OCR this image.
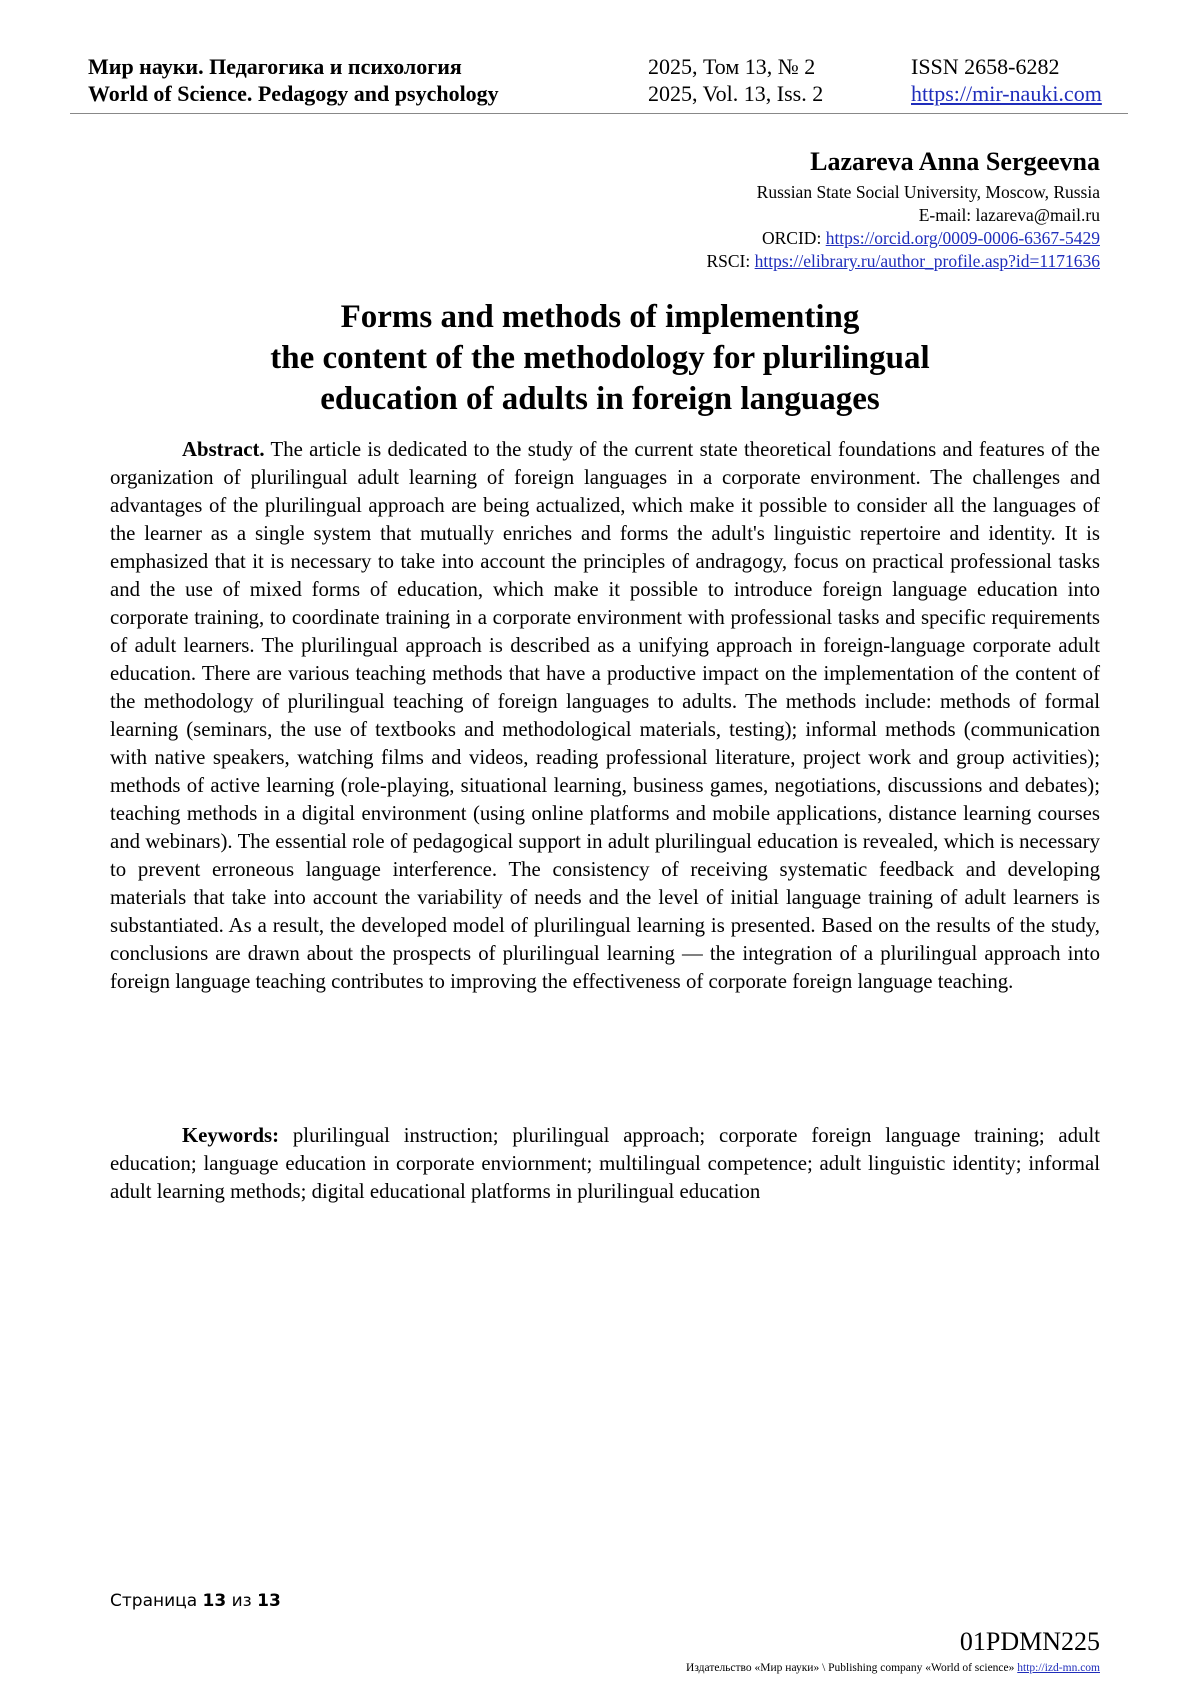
Мир науки. Педагогика и психология	2025, Том 13, № 2	ISSN 2658-6282
World of Science. Pedagogy and psychology	2025, Vol. 13, Iss. 2	https://mir-nauki.com
Lazareva Anna Sergeevna
Russian State Social University, Moscow, Russia
E-mail: lazareva@mail.ru
ORCID: https://orcid.org/0009-0006-6367-5429
RSCI: https://elibrary.ru/author_profile.asp?id=1171636
Forms and methods of implementing
the content of the methodology for plurilingual
education of adults in foreign languages

Abstract. The article is dedicated to the study of the current state theoretical foundations and features of the organization of plurilingual adult learning of foreign languages in a corporate environment. The challenges and advantages of the plurilingual approach are being actualized, which make it possible to consider all the languages of the learner as a single system that mutually enriches and forms the adult's linguistic repertoire and identity. It is emphasized that it is necessary to take into account the principles of andragogy, focus on practical professional tasks and the use of mixed forms of education, which make it possible to introduce foreign language education into corporate training, to coordinate training in a corporate environment with professional tasks and specific requirements of adult learners. The plurilingual approach is described as a unifying approach in foreign-language corporate adult education. There are various teaching methods that have a productive impact on the implementation of the content of the methodology of plurilingual teaching of foreign languages to adults. The methods include: methods of formal learning (seminars, the use of textbooks and methodological materials, testing); informal methods (communication with native speakers, watching films and videos, reading professional literature, project work and group activities); methods of active learning (role-playing, situational learning, business games, negotiations, discussions and debates); teaching methods in a digital environment (using online platforms and mobile applications, distance learning courses and webinars). The essential role of pedagogical support in adult plurilingual education is revealed, which is necessary to prevent erroneous language interference. The consistency of receiving systematic feedback and developing materials that take into account the variability of needs and the level of initial language training of adult learners is substantiated. As a result, the developed model of plurilingual learning is presented. Based on the results of the study, conclusions are drawn about the prospects of plurilingual learning — the integration of a plurilingual approach into foreign language teaching contributes to improving the effectiveness of corporate foreign language teaching.

Keywords: plurilingual instruction; plurilingual approach; corporate foreign language training; adult education; language education in corporate enviornment; multilingual competence; adult linguistic identity; informal adult learning methods; digital educational platforms in plurilingual education

Страница 13 из 13
01PDMN225
Издательство «Мир науки» \ Publishing company «World of science» http://izd-mn.com
